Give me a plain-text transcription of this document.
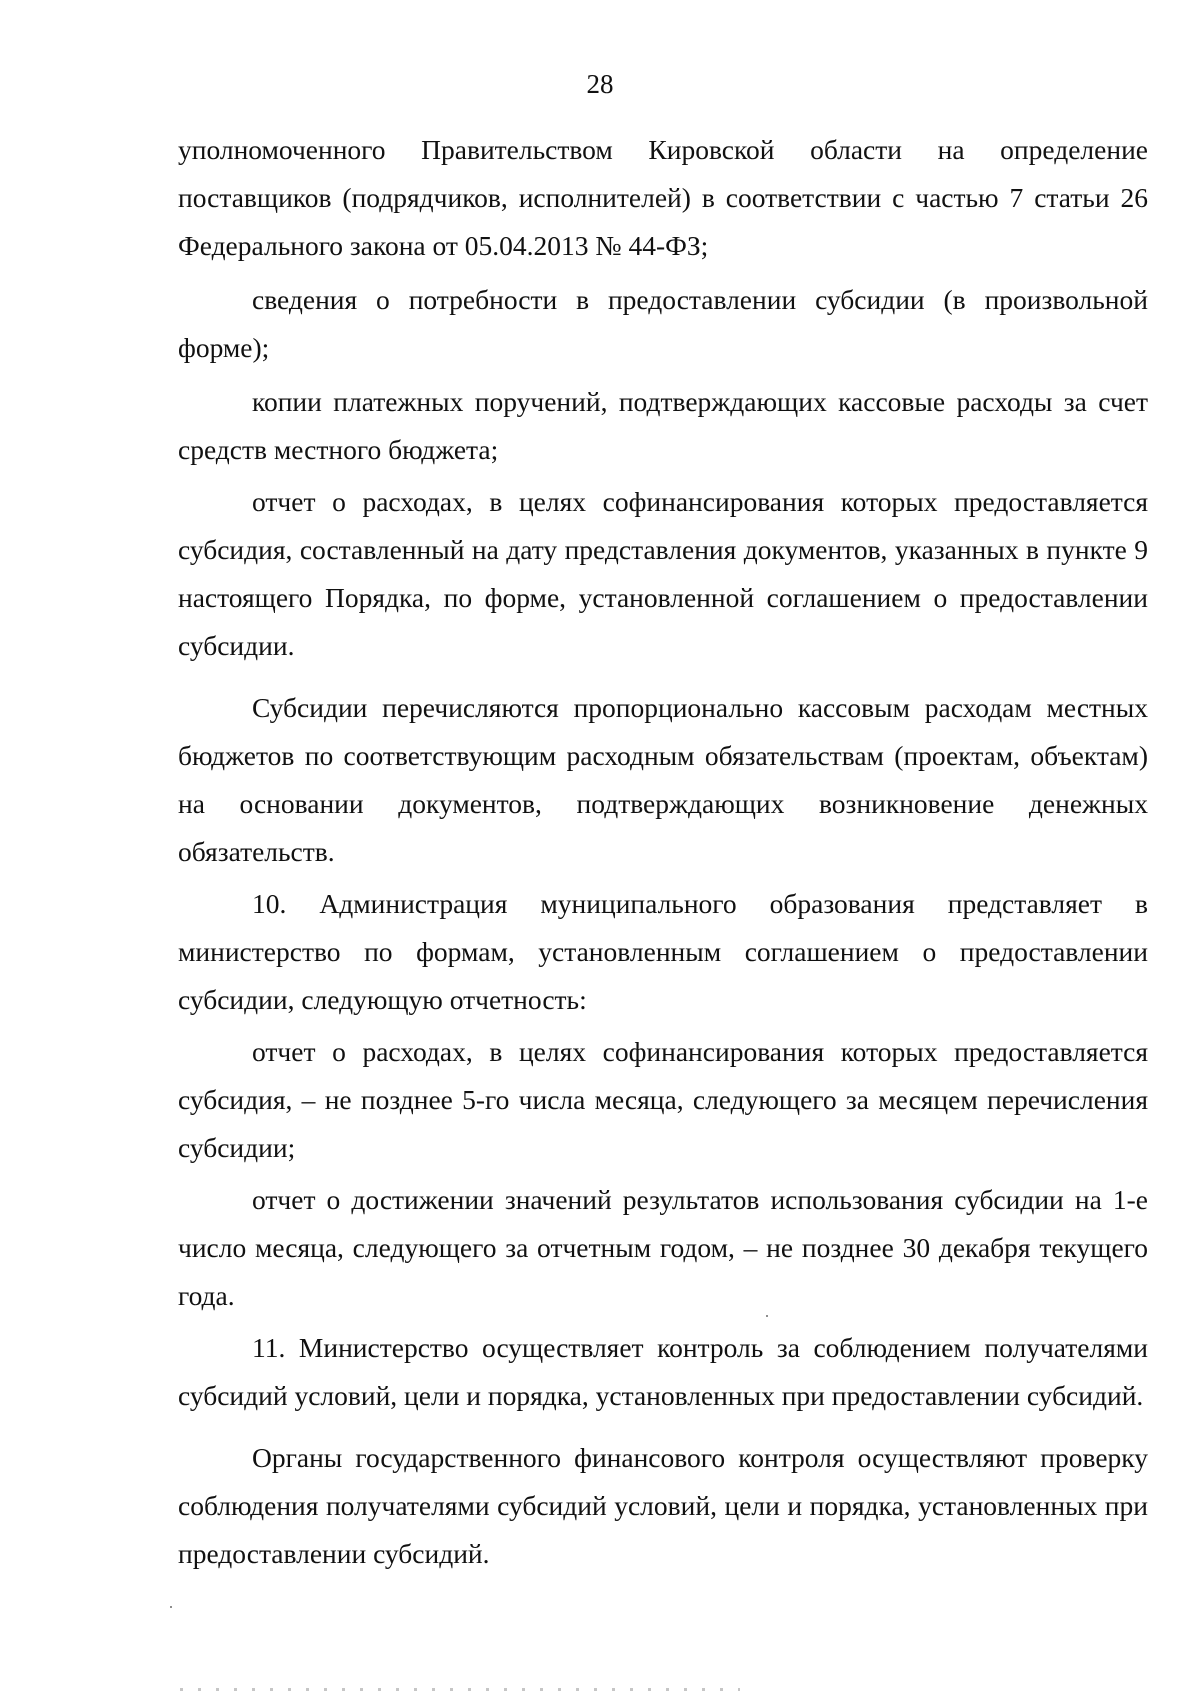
28

уполномоченного Правительством Кировской области на определение поставщиков (подрядчиков, исполнителей) в соответствии с частью 7 статьи 26 Федерального закона от 05.04.2013 № 44-ФЗ;

сведения о потребности в предоставлении субсидии (в произвольной форме);

копии платежных поручений, подтверждающих кассовые расходы за счет средств местного бюджета;

отчет о расходах, в целях софинансирования которых предоставляется субсидия, составленный на дату представления документов, указанных в пункте 9 настоящего Порядка, по форме, установленной соглашением о предоставлении субсидии.

Субсидии перечисляются пропорционально кассовым расходам местных бюджетов по соответствующим расходным обязательствам (проектам, объектам) на основании документов, подтверждающих возникновение денежных обязательств.

10. Администрация муниципального образования представляет в министерство по формам, установленным соглашением о предоставлении субсидии, следующую отчетность:

отчет о расходах, в целях софинансирования которых предоставляется субсидия, – не позднее 5-го числа месяца, следующего за месяцем перечисления субсидии;

отчет о достижении значений результатов использования субсидии на 1-е число месяца, следующего за отчетным годом, – не позднее 30 декабря текущего года.

11. Министерство осуществляет контроль за соблюдением получателями субсидий условий, цели и порядка, установленных при предоставлении субсидий.

Органы государственного финансового контроля осуществляют проверку соблюдения получателями субсидий условий, цели и порядка, установленных при предоставлении субсидий.
